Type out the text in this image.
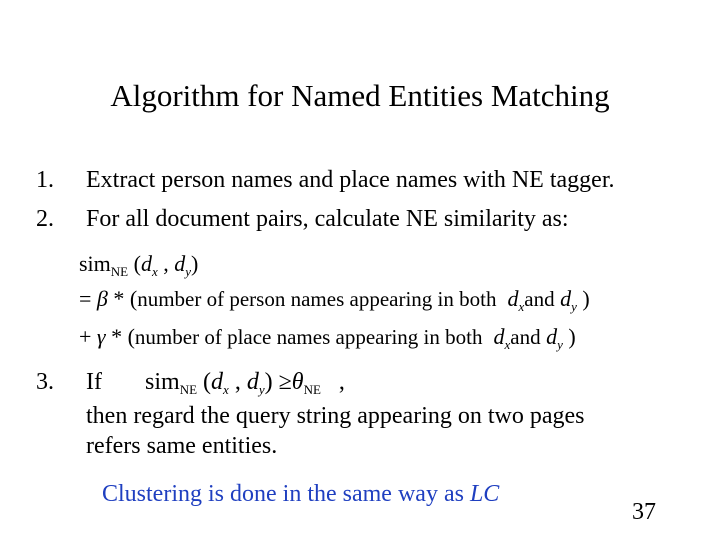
Algorithm for Named Entities Matching
1. Extract person names and place names with NE tagger.
2. For all document pairs, calculate NE similarity as:
sim$_{NE}$ ($d_x$ , $d_y$)
= β * (number of person names appearing in both $d_xand$ $d_y$ )
+ γ * (number of place names appearing in both $d_xand$ $d_y$ )
3. If sim$_{NE}$ ($d_x$ , $d_y) \ge\theta_{NE}$   ,
then regard the query string appearing on two pages
refers same entities.
Clustering is done in the same way as LC
37
